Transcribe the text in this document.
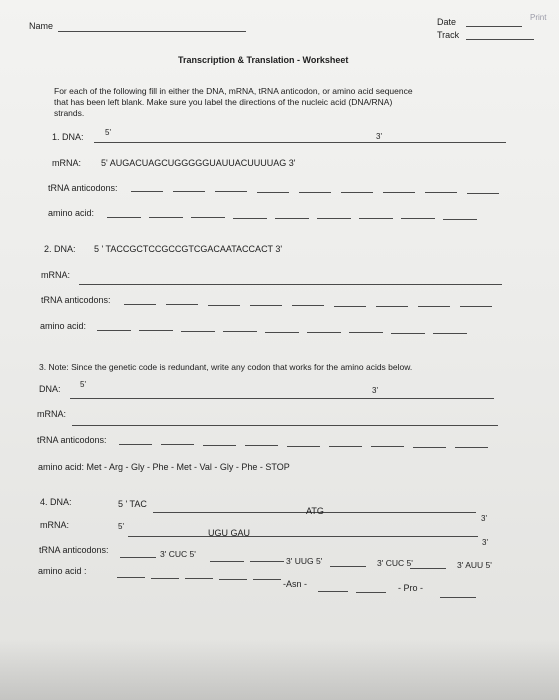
Name	Date
Track
Print
Transcription & Translation - Worksheet
For each of the following fill in either the DNA, mRNA, tRNA anticodon, or amino acid sequence
that has been left blank. Make sure you label the directions of the nucleic acid (DNA/RNA)
strands.
1. DNA:	5'	3'
mRNA: 5' AUGACUAGCUGGGGGUAUUACUUUUAG 3'
tRNA anticodons:
amino acid:
2. DNA: 5 ' TACCGCTCCGCCGTCGACAATACCACT 3'
mRNA:
tRNA anticodons:
amino acid:
3. Note: Since the genetic code is redundant, write any codon that works for the amino acids below.
DNA: 5'
3'
mRNA:
tRNA anticodons:
amino acid: Met - Arg - Gly - Phe - Met - Val - Gly - Phe - STOP
4. DNA:	5 ' TAC
ATG
3'
mRNA:	5'
UGU GAU
3'
tRNA anticodons:	3' CUC 5'
3' UUG 5'	3' CUC 5'	3' AUU 5'
amino acid :
-Asn -	- Pro -
